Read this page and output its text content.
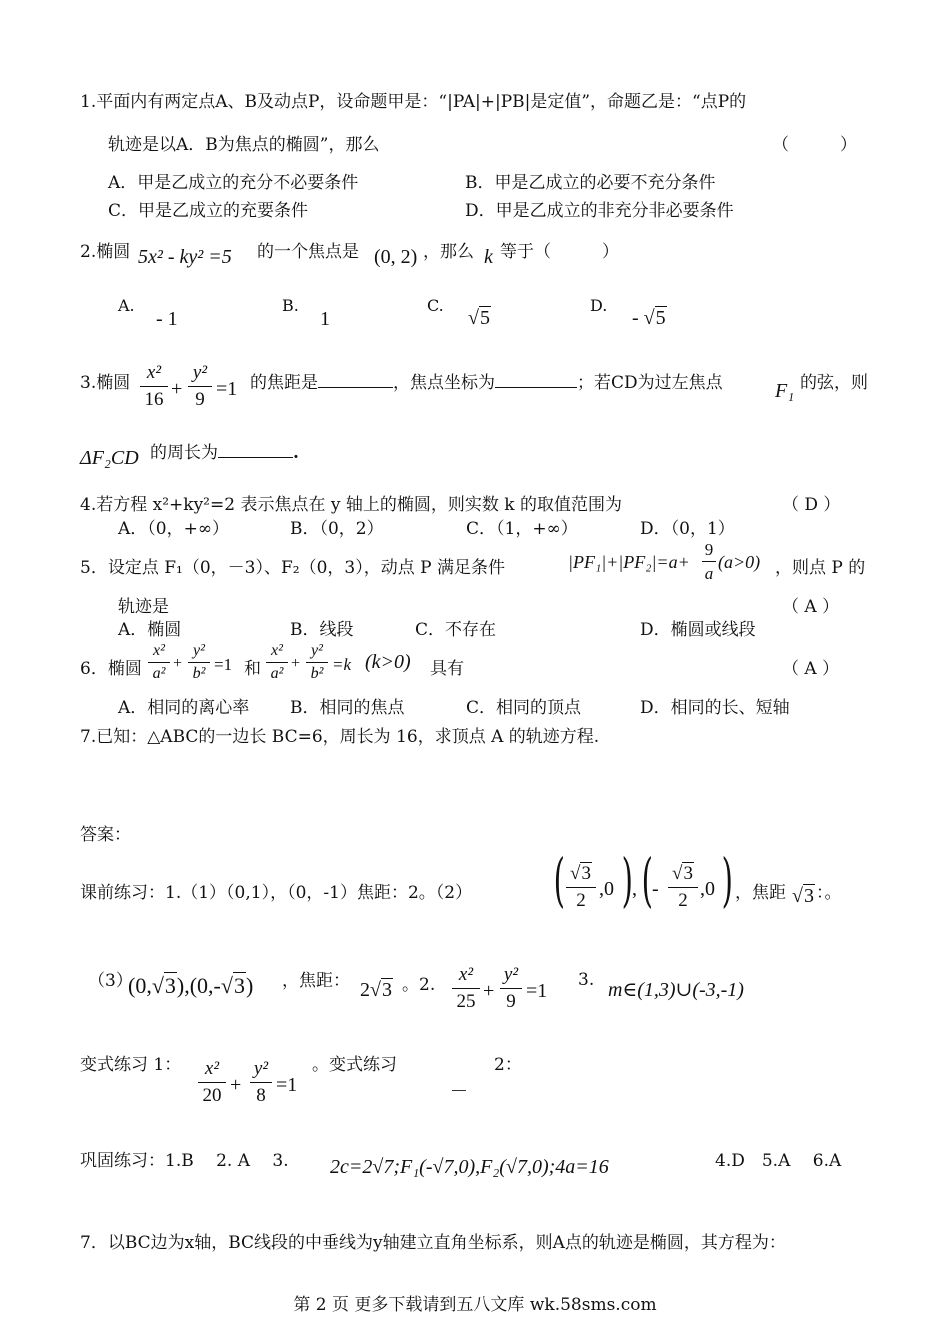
1.平面内有两定点A、B及动点P，设命题甲是：“|PA|+|PB|是定值”，命题乙是：“点P的
轨迹是以A．B为焦点的椭圆”，那么	（　　　）
A．甲是乙成立的充分不必要条件	B．甲是乙成立的必要不充分条件
C．甲是乙成立的充要条件	D．甲是乙成立的非充分非必要条件
2.椭圆 5x² - ky² =5 的一个焦点是 (0, 2) ，那么 k 等于（　　　）
A.
- 1
B.
1
C.
√5
D.
- √5
3.椭圆 x²
16 +
y²
9 =1 的焦距是	，焦点坐标为	；若CD为过左焦点	F₁ 的弦，则
ΔF₂CD 的周长为	.
4.若方程 x²+ky²=2 表示焦点在 y 轴上的椭圆，则实数 k 的取值范围为	（ D ）
A．（0，+∞）	B．（0，2）	C．（1，+∞）	D．（0，1）
5．设定点 F₁（0，－3）、F₂（0，3），动点 P 满足条件	|PF₁|+|PF₂|=a+
9
a
(a>0) ，则点 P 的
轨迹是	（ A ）
A．椭圆	B．线段	C．不存在	D．椭圆或线段
6．椭圆
x²
a²
+
y²
b² =1 和
x²
a²
+
y²
b² =k (k>0) 具有	（ A ）
A．相同的离心率 B．相同的焦点	C．相同的顶点	D．相同的长、短轴
7.已知：△ABC的一边长 BC=6，周长为 16，求顶点 A 的轨迹方程.
答案：
课前练习：1.（1）（0,1），（0，-1）焦距：2。（2） ( √3
2
,0 ) , ( -
√3
2
,0 ) ，焦距 √3 ：。
（3）
(0,√3),(0,-√3) ，焦距： 2√3 。2.	x²
25 +
y²
9 =1 3. m∈(1,3)∪(-3,-1)
变式练习 1：	x²
20 +
y²
8 =1
。变式练习	2：
巩固练习：1.B　 2. A　 3. 2c=2√7;F₁(-√7,0),F₂(√7,0);4a=16	4.D　5.A　 6.A
7．以BC边为x轴，BC线段的中垂线为y轴建立直角坐标系，则A点的轨迹是椭圆，其方程为：
第 2 页 更多下载请到五八文库 wk.58sms.com
